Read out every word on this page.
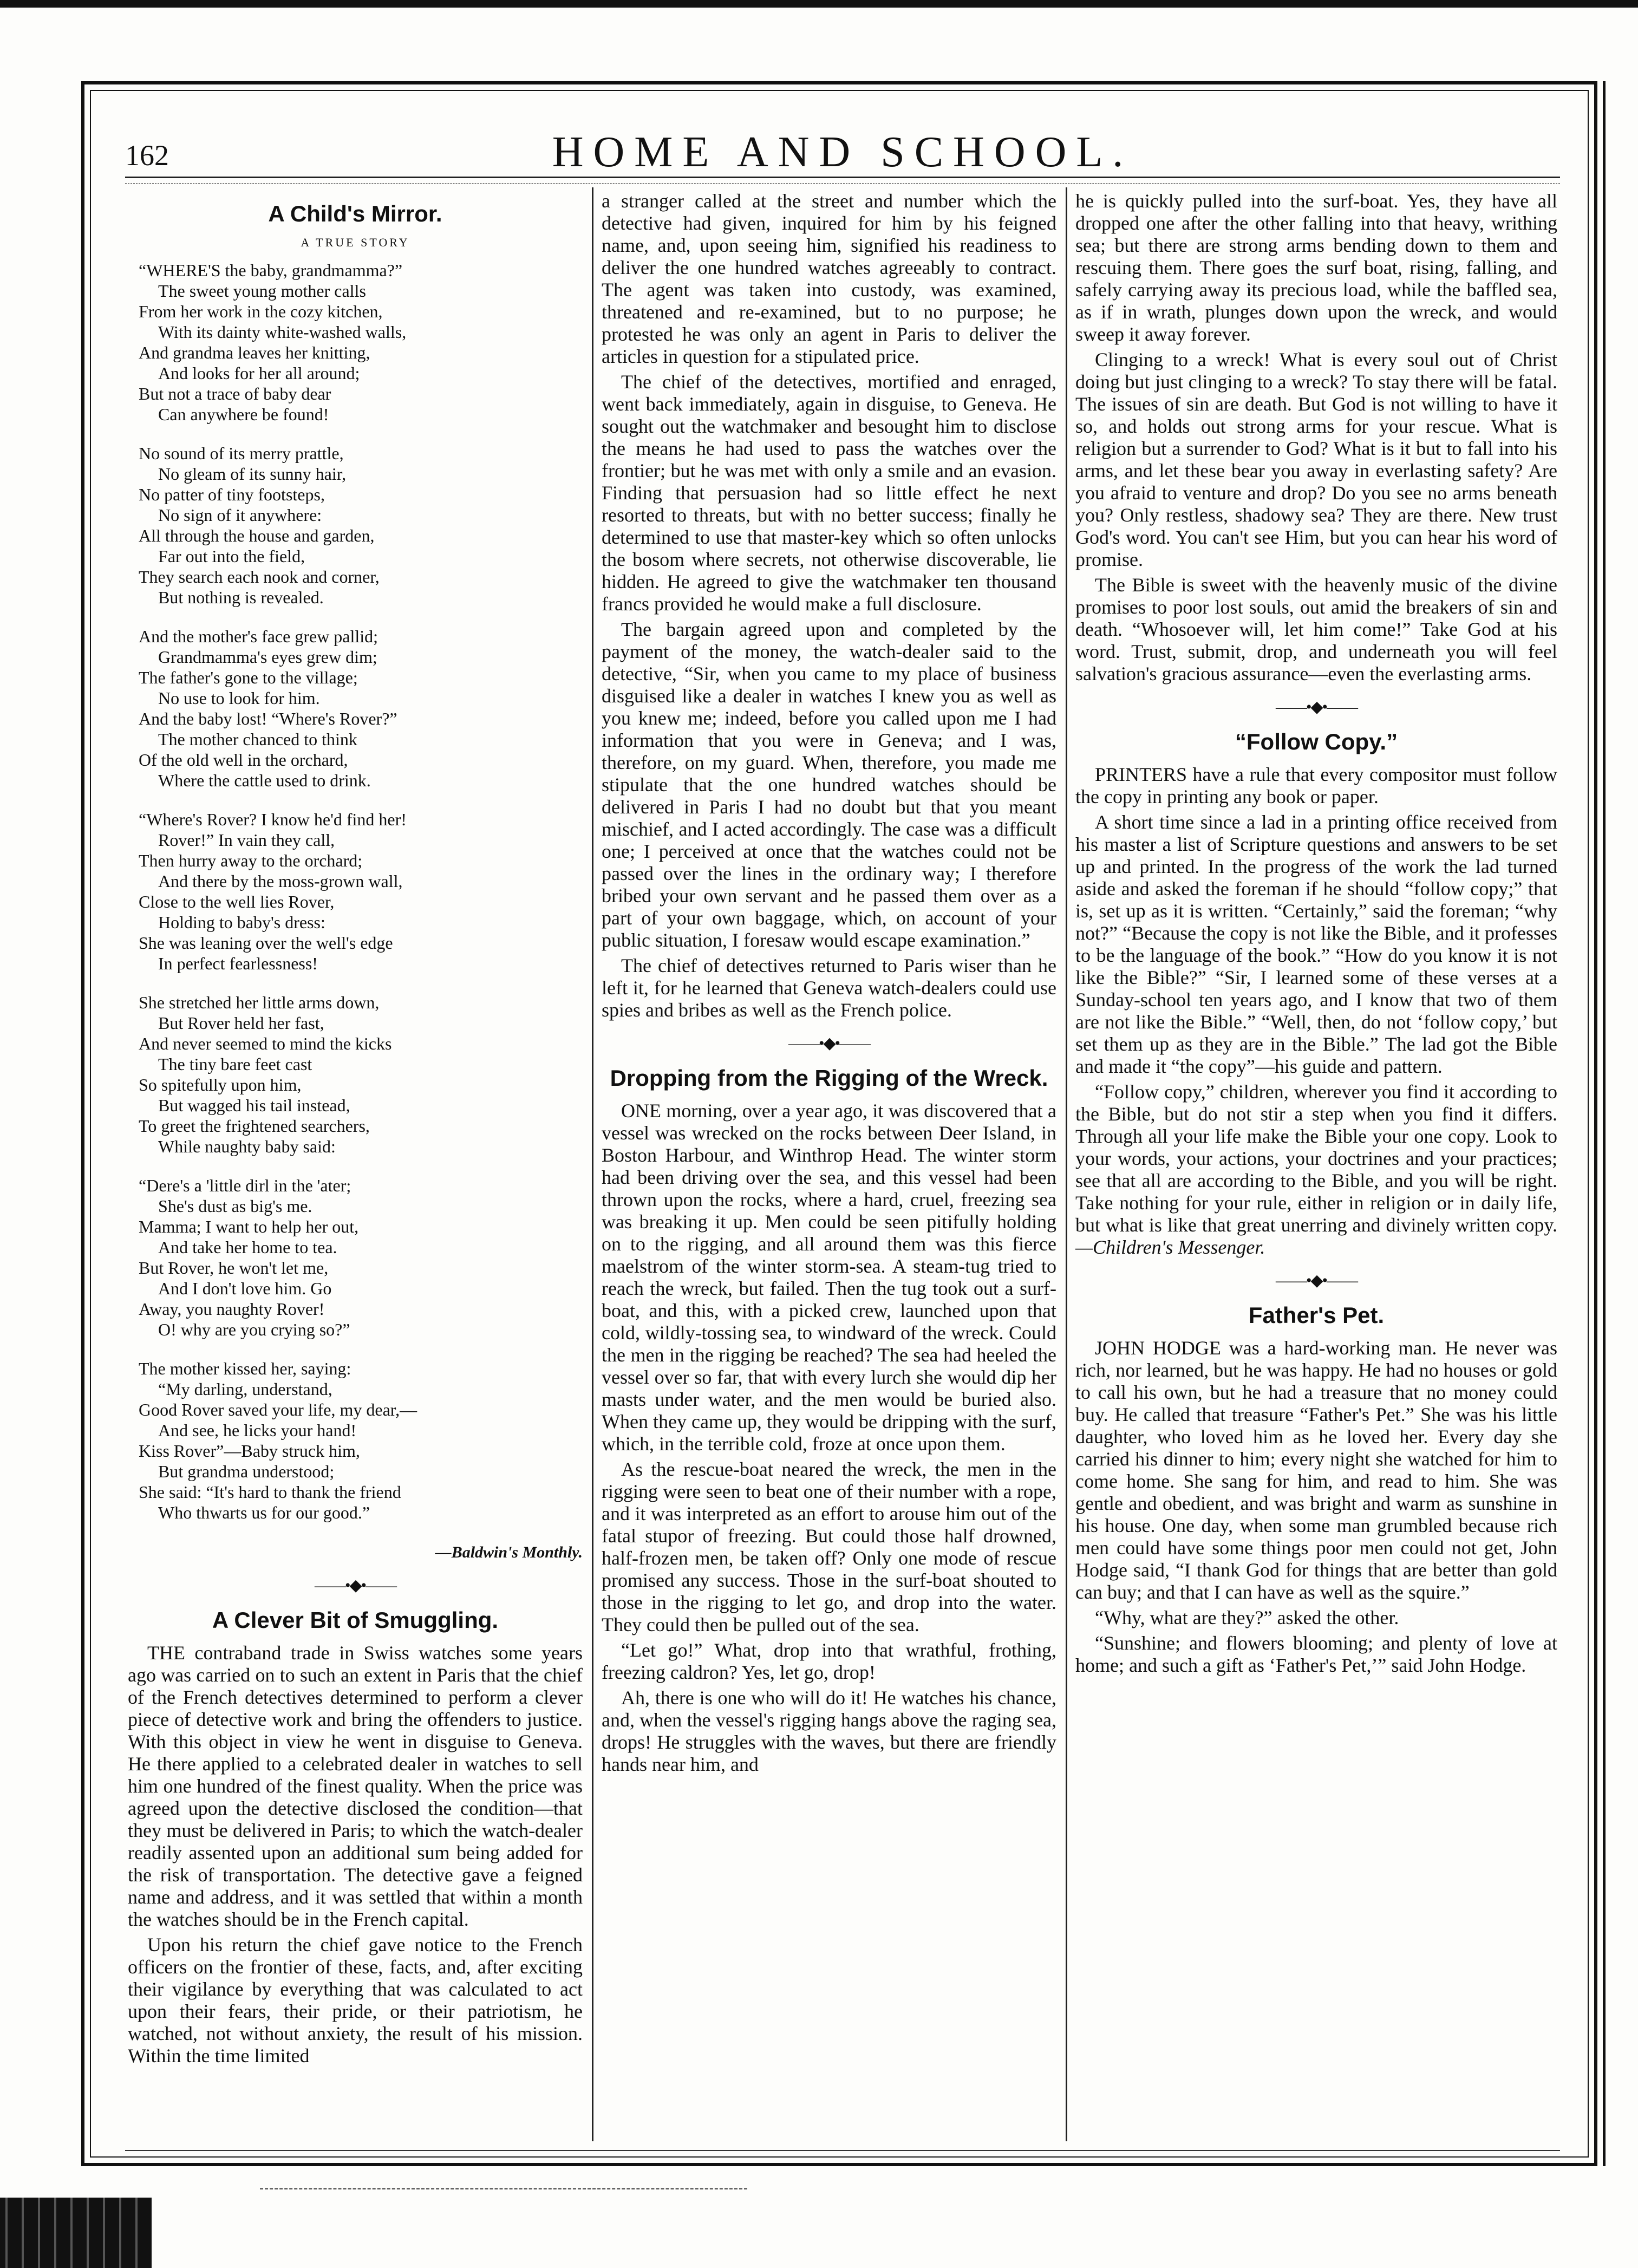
162	HOME AND SCHOOL.
A Child's Mirror.
A TRUE STORY
“WHERE'S the baby, grandmamma?”
The sweet young mother calls
From her work in the cozy kitchen,
With its dainty white-washed walls,
And grandma leaves her knitting,
And looks for her all around;
But not a trace of baby dear
Can anywhere be found!
No sound of its merry prattle,
No gleam of its sunny hair,
No patter of tiny footsteps,
No sign of it anywhere:
All through the house and garden,
Far out into the field,
They search each nook and corner,
But nothing is revealed.
And the mother's face grew pallid;
Grandmamma's eyes grew dim;
The father's gone to the village;
No use to look for him.
And the baby lost! “Where's Rover?”
The mother chanced to think
Of the old well in the orchard,
Where the cattle used to drink.
“Where's Rover? I know he'd find her!
Rover!” In vain they call,
Then hurry away to the orchard;
And there by the moss-grown wall,
Close to the well lies Rover,
Holding to baby's dress:
She was leaning over the well's edge
In perfect fearlessness!
She stretched her little arms down,
But Rover held her fast,
And never seemed to mind the kicks
The tiny bare feet cast
So spitefully upon him,
But wagged his tail instead,
To greet the frightened searchers,
While naughty baby said:
“Dere's a 'little dirl in the 'ater;
She's dust as big's me.
Mamma; I want to help her out,
And take her home to tea.
But Rover, he won't let me,
And I don't love him. Go
Away, you naughty Rover!
O! why are you crying so?”
The mother kissed her, saying:
“My darling, understand,
Good Rover saved your life, my dear,—
And see, he licks your hand!
Kiss Rover”—Baby struck him,
But grandma understood;
She said: “It's hard to thank the friend
Who thwarts us for our good.”
—Baldwin's Monthly.
——•◆•——
A Clever Bit of Smuggling.

THE contraband trade in Swiss watches some years ago was carried on to such an extent in Paris that the chief of the French detectives determined to perform a clever piece of detective work and bring the offenders to justice. With this object in view he went in disguise to Geneva. He there applied to a celebrated dealer in watches to sell him one hundred of the finest quality. When the price was agreed upon the detective disclosed the condition—that they must be delivered in Paris; to which the watch-dealer readily assented upon an additional sum being added for the risk of transportation. The detective gave a feigned name and address, and it was settled that within a month the watches should be in the French capital.

Upon his return the chief gave notice to the French officers on the frontier of these, facts, and, after exciting their vigilance by everything that was calculated to act upon their fears, their pride, or their patriotism, he watched, not without anxiety, the result of his mission. Within the time limited

a stranger called at the street and number which the detective had given, inquired for him by his feigned name, and, upon seeing him, signified his readiness to deliver the one hundred watches agreeably to contract. The agent was taken into custody, was examined, threatened and re-examined, but to no purpose; he protested he was only an agent in Paris to deliver the articles in question for a stipulated price.

The chief of the detectives, mortified and enraged, went back immediately, again in disguise, to Geneva. He sought out the watchmaker and besought him to disclose the means he had used to pass the watches over the frontier; but he was met with only a smile and an evasion. Finding that persuasion had so little effect he next resorted to threats, but with no better success; finally he determined to use that master-key which so often unlocks the bosom where secrets, not otherwise discoverable, lie hidden. He agreed to give the watchmaker ten thousand francs provided he would make a full disclosure.

The bargain agreed upon and completed by the payment of the money, the watch-dealer said to the detective, “Sir, when you came to my place of business disguised like a dealer in watches I knew you as well as you knew me; indeed, before you called upon me I had information that you were in Geneva; and I was, therefore, on my guard. When, therefore, you made me stipulate that the one hundred watches should be delivered in Paris I had no doubt but that you meant mischief, and I acted accordingly. The case was a difficult one; I perceived at once that the watches could not be passed over the lines in the ordinary way; I therefore bribed your own servant and he passed them over as a part of your own baggage, which, on account of your public situation, I foresaw would escape examination.”

The chief of detectives returned to Paris wiser than he left it, for he learned that Geneva watch-dealers could use spies and bribes as well as the French police.

——•◆•——
Dropping from the Rigging of the Wreck.

ONE morning, over a year ago, it was discovered that a vessel was wrecked on the rocks between Deer Island, in Boston Harbour, and Winthrop Head. The winter storm had been driving over the sea, and this vessel had been thrown upon the rocks, where a hard, cruel, freezing sea was breaking it up. Men could be seen pitifully holding on to the rigging, and all around them was this fierce maelstrom of the winter storm-sea. A steam-tug tried to reach the wreck, but failed. Then the tug took out a surf-boat, and this, with a picked crew, launched upon that cold, wildly-tossing sea, to windward of the wreck. Could the men in the rigging be reached? The sea had heeled the vessel over so far, that with every lurch she would dip her masts under water, and the men would be buried also. When they came up, they would be dripping with the surf, which, in the terrible cold, froze at once upon them.

As the rescue-boat neared the wreck, the men in the rigging were seen to beat one of their number with a rope, and it was interpreted as an effort to arouse him out of the fatal stupor of freezing. But could those half drowned, half-frozen men, be taken off? Only one mode of rescue promised any success. Those in the surf-boat shouted to those in the rigging to let go, and drop into the water. They could then be pulled out of the sea.

“Let go!” What, drop into that wrathful, frothing, freezing caldron? Yes, let go, drop!

Ah, there is one who will do it! He watches his chance, and, when the vessel's rigging hangs above the raging sea, drops! He struggles with the waves, but there are friendly hands near him, and

he is quickly pulled into the surf-boat. Yes, they have all dropped one after the other falling into that heavy, writhing sea; but there are strong arms bending down to them and rescuing them. There goes the surf boat, rising, falling, and safely carrying away its precious load, while the baffled sea, as if in wrath, plunges down upon the wreck, and would sweep it away forever.

Clinging to a wreck! What is every soul out of Christ doing but just clinging to a wreck? To stay there will be fatal. The issues of sin are death. But God is not willing to have it so, and holds out strong arms for your rescue. What is religion but a surrender to God? What is it but to fall into his arms, and let these bear you away in everlasting safety? Are you afraid to venture and drop? Do you see no arms beneath you? Only restless, shadowy sea? They are there. New trust God's word. You can't see Him, but you can hear his word of promise.

The Bible is sweet with the heavenly music of the divine promises to poor lost souls, out amid the breakers of sin and death. “Whosoever will, let him come!” Take God at his word. Trust, submit, drop, and underneath you will feel salvation's gracious assurance—even the everlasting arms.

——•◆•——
“Follow Copy.”

PRINTERS have a rule that every compositor must follow the copy in printing any book or paper.

A short time since a lad in a printing office received from his master a list of Scripture questions and answers to be set up and printed. In the progress of the work the lad turned aside and asked the foreman if he should “follow copy;” that is, set up as it is written. “Certainly,” said the foreman; “why not?” “Because the copy is not like the Bible, and it professes to be the language of the book.” “How do you know it is not like the Bible?” “Sir, I learned some of these verses at a Sunday-school ten years ago, and I know that two of them are not like the Bible.” “Well, then, do not ‘follow copy,’ but set them up as they are in the Bible.” The lad got the Bible and made it “the copy”—his guide and pattern.

“Follow copy,” children, wherever you find it according to the Bible, but do not stir a step when you find it differs. Through all your life make the Bible your one copy. Look to your words, your actions, your doctrines and your practices; see that all are according to the Bible, and you will be right. Take nothing for your rule, either in religion or in daily life, but what is like that great unerring and divinely written copy.—Children's Messenger.

——•◆•——
Father's Pet.

JOHN HODGE was a hard-working man. He never was rich, nor learned, but he was happy. He had no houses or gold to call his own, but he had a treasure that no money could buy. He called that treasure “Father's Pet.” She was his little daughter, who loved him as he loved her. Every day she carried his dinner to him; every night she watched for him to come home. She sang for him, and read to him. She was gentle and obedient, and was bright and warm as sunshine in his house. One day, when some man grumbled because rich men could have some things poor men could not get, John Hodge said, “I thank God for things that are better than gold can buy; and that I can have as well as the squire.”

“Why, what are they?” asked the other.

“Sunshine; and flowers blooming; and plenty of love at home; and such a gift as ‘Father's Pet,’” said John Hodge.
